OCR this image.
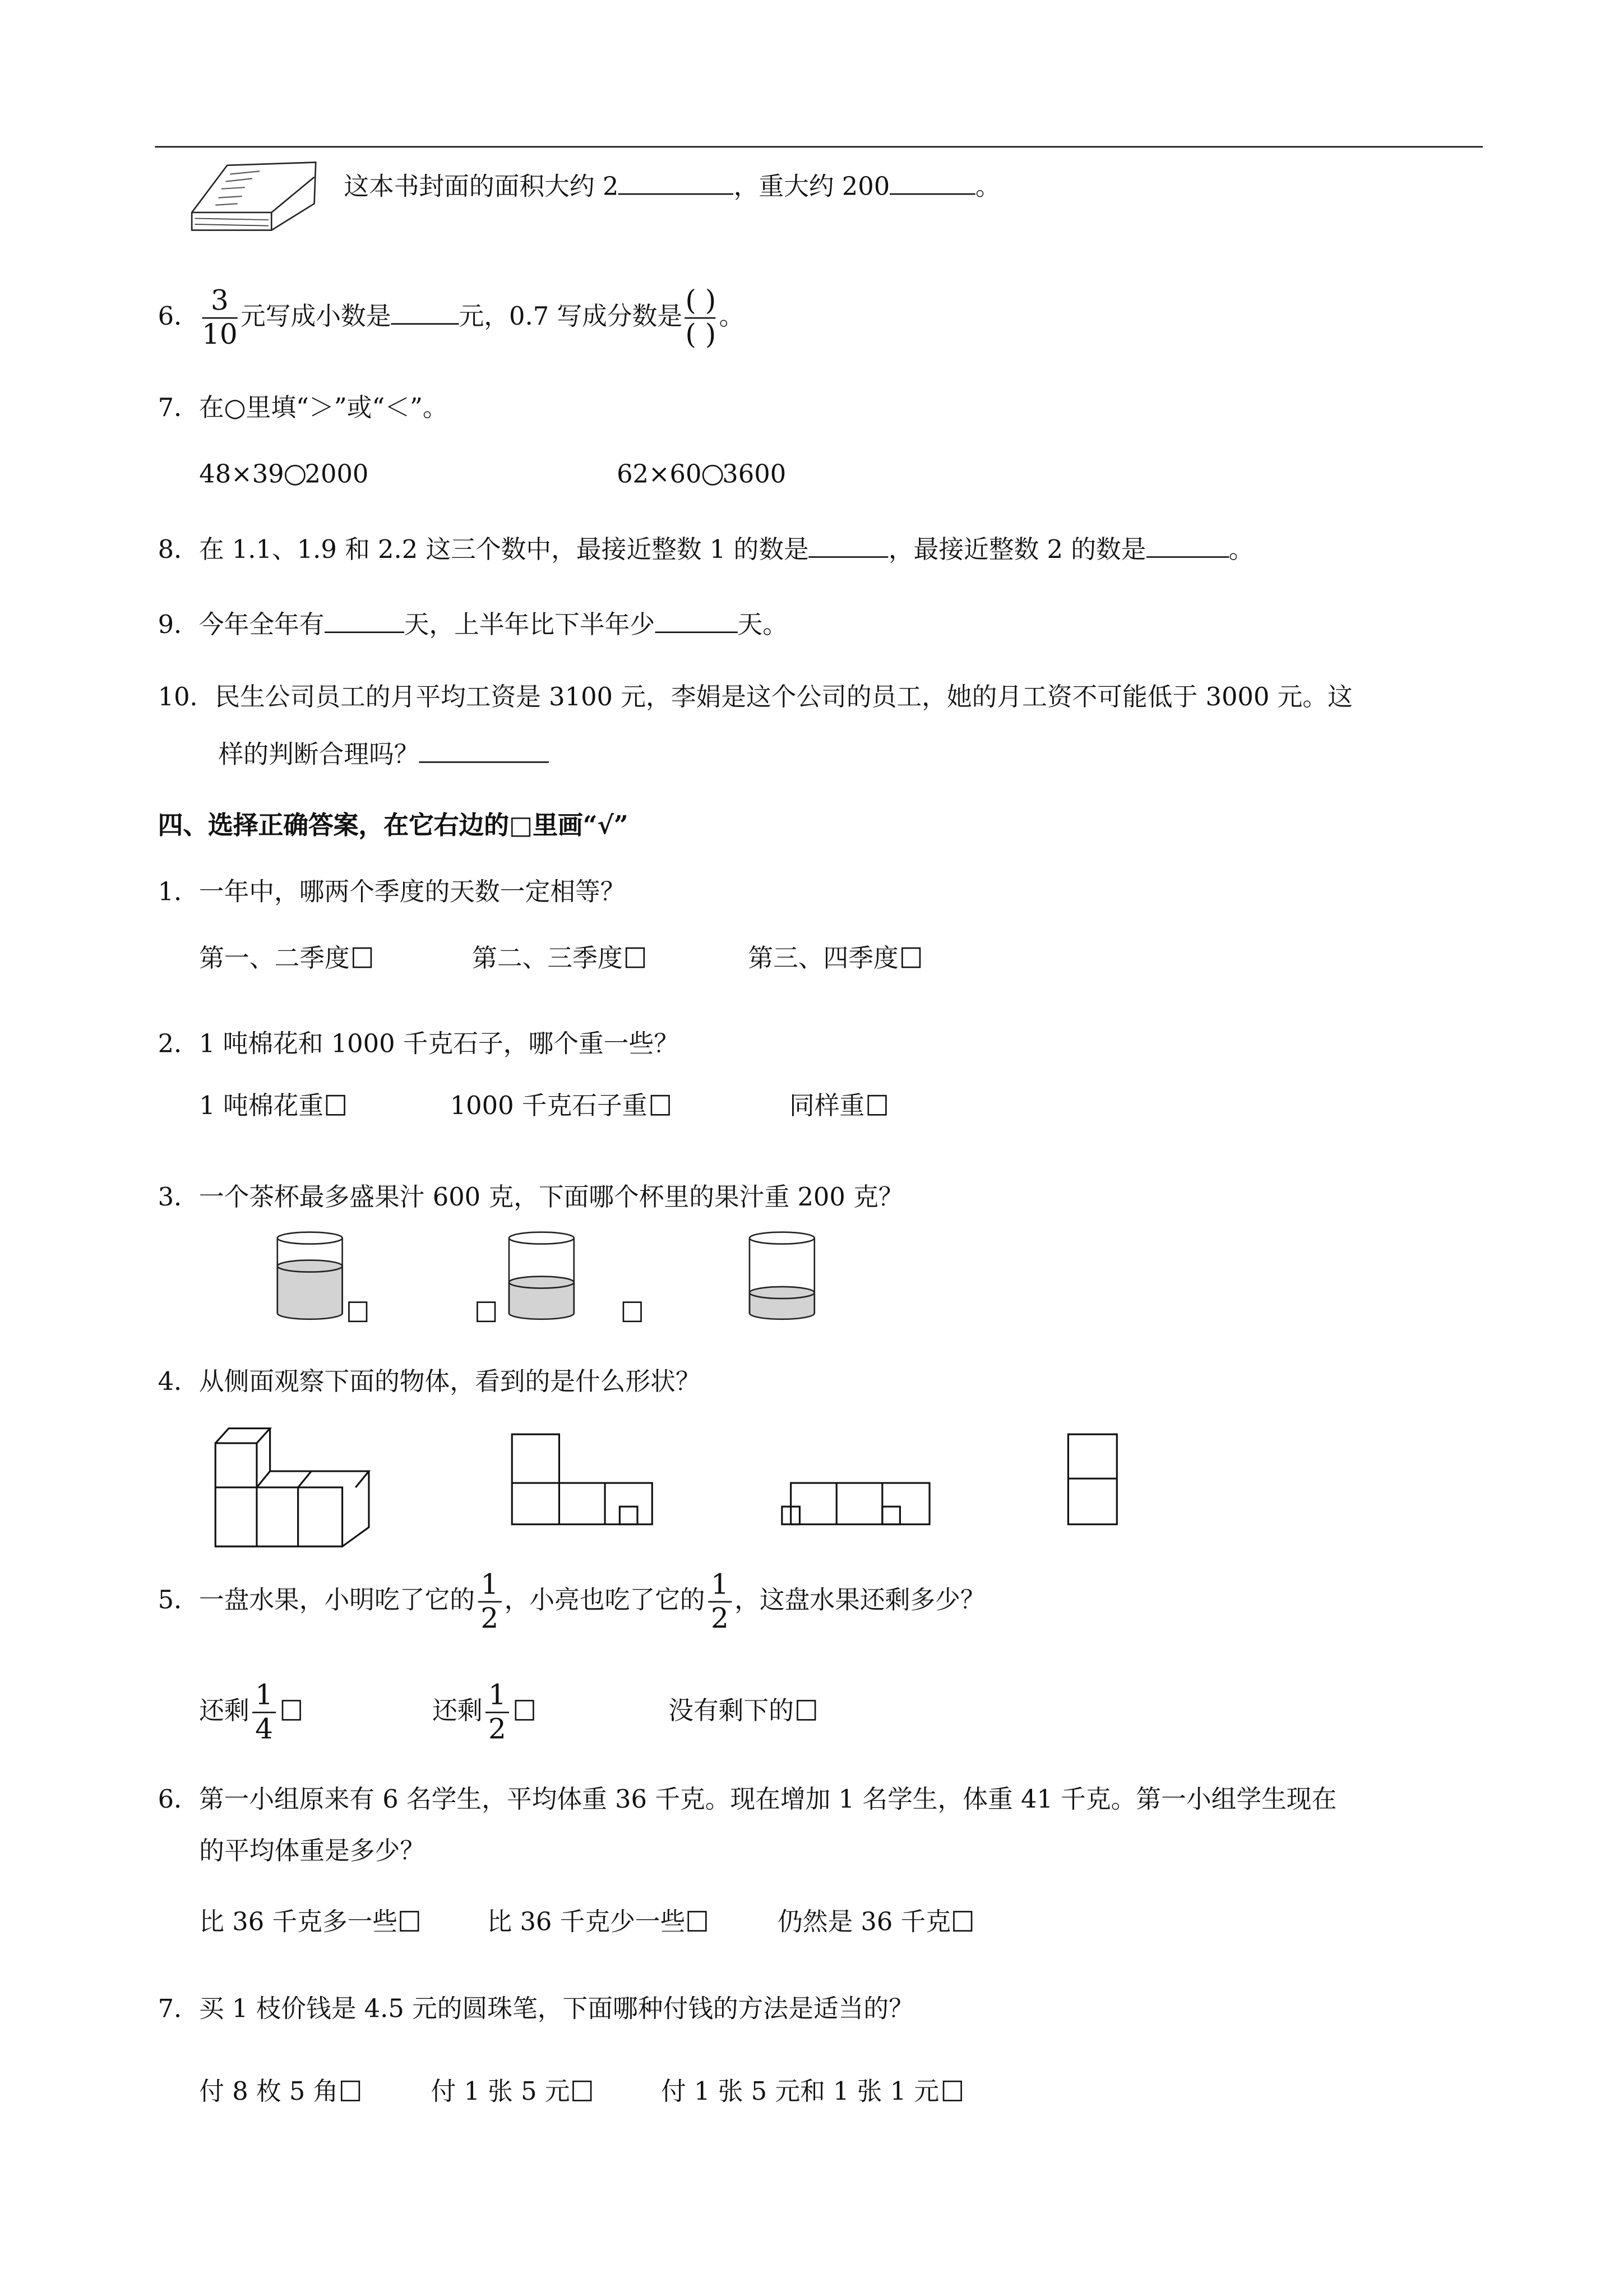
这本书封面的面积大约 2	，重大约 200	。
6． $\frac{3}{10}$ 元写成小数是	元，0.7 写成分数是 $\frac{( )}{( )}$ 。
7．在○里填“＞”或“＜”。
48×39 2000	62×60 3600
8．在 1.1、1.9 和 2.2 这三个数中，最接近整数 1 的数是	，最接近整数 2 的数是	。
9．今年全年有	天，上半年比下半年少	天。
10．民生公司员工的月平均工资是 3100 元，李娟是这个公司的员工，她的月工资不可能低于 3000 元。这
样的判断合理吗？
四、选择正确答案，在它右边的□里画“√”
1．一年中，哪两个季度的天数一定相等？
第一、二季度	第二、三季度	第三、四季度
2．1 吨棉花和 1000 千克石子，哪个重一些？
1 吨棉花重	1000 千克石子重	同样重
3．一个茶杯最多盛果汁 600 克，下面哪个杯里的果汁重 200 克？
4．从侧面观察下面的物体，看到的是什么形状？
5．一盘水果，小明吃了它的 $\frac{1}{2}$ ，小亮也吃了它的 $\frac{1}{2}$ ，这盘水果还剩多少？
还剩 $\frac{1}{4}$	还剩 $\frac{1}{2}$	没有剩下的
6．第一小组原来有 6 名学生，平均体重 36 千克。现在增加 1 名学生，体重 41 千克。第一小组学生现在
的平均体重是多少？
比 36 千克多一些	比 36 千克少一些	仍然是 36 千克
7．买 1 枝价钱是 4.5 元的圆珠笔，下面哪种付钱的方法是适当的？
付 8 枚 5 角	付 1 张 5 元	付 1 张 5 元和 1 张 1 元
